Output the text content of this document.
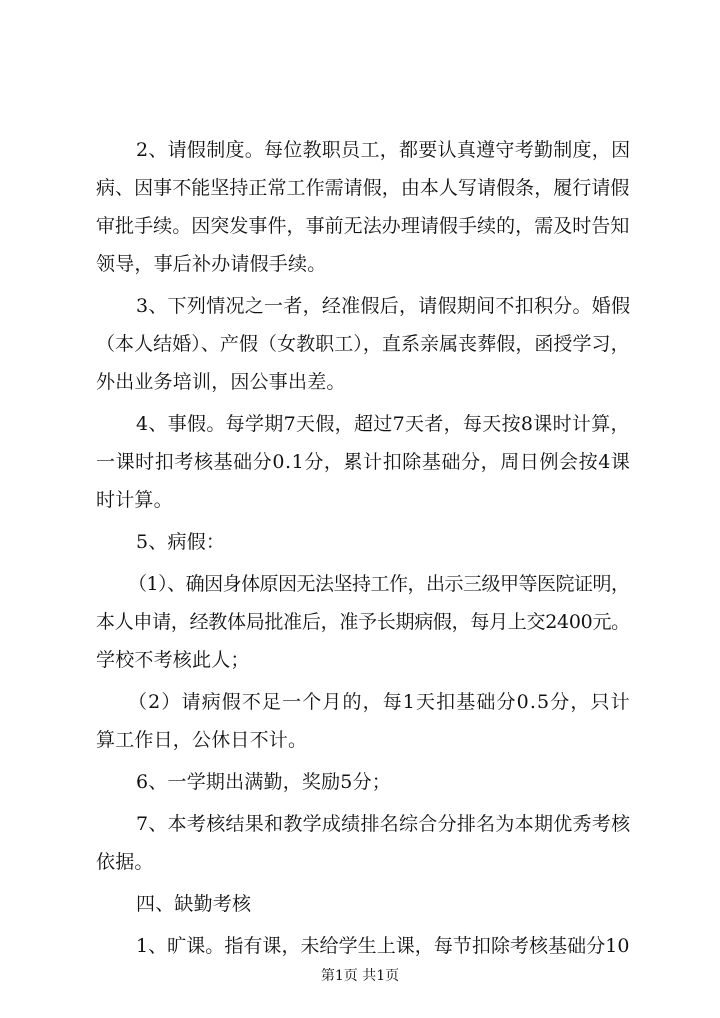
2、请假制度。每位教职员工，都要认真遵守考勤制度，因
病、因事不能坚持正常工作需请假，由本人写请假条，履行请假
审批手续。因突发事件，事前无法办理请假手续的，需及时告知
领导，事后补办请假手续。
3、下列情况之一者，经准假后，请假期间不扣积分。婚假
（本人结婚）、产假（女教职工），直系亲属丧葬假，函授学习，
外出业务培训，因公事出差。
4、事假。每学期7天假，超过7天者，每天按8课时计算，
一课时扣考核基础分0.1分，累计扣除基础分，周日例会按4课
时计算。
5、病假：
（1）、确因身体原因无法坚持工作，出示三级甲等医院证明，
本人申请，经教体局批准后，准予长期病假，每月上交2400元。
学校不考核此人；
（2）请病假不足一个月的，每1天扣基础分0.5分，只计
算工作日，公休日不计。
6、一学期出满勤，奖励5分；
7、本考核结果和教学成绩排名综合分排名为本期优秀考核
依据。
四、缺勤考核
1、旷课。指有课，未给学生上课，每节扣除考核基础分10
第1页 共1页
